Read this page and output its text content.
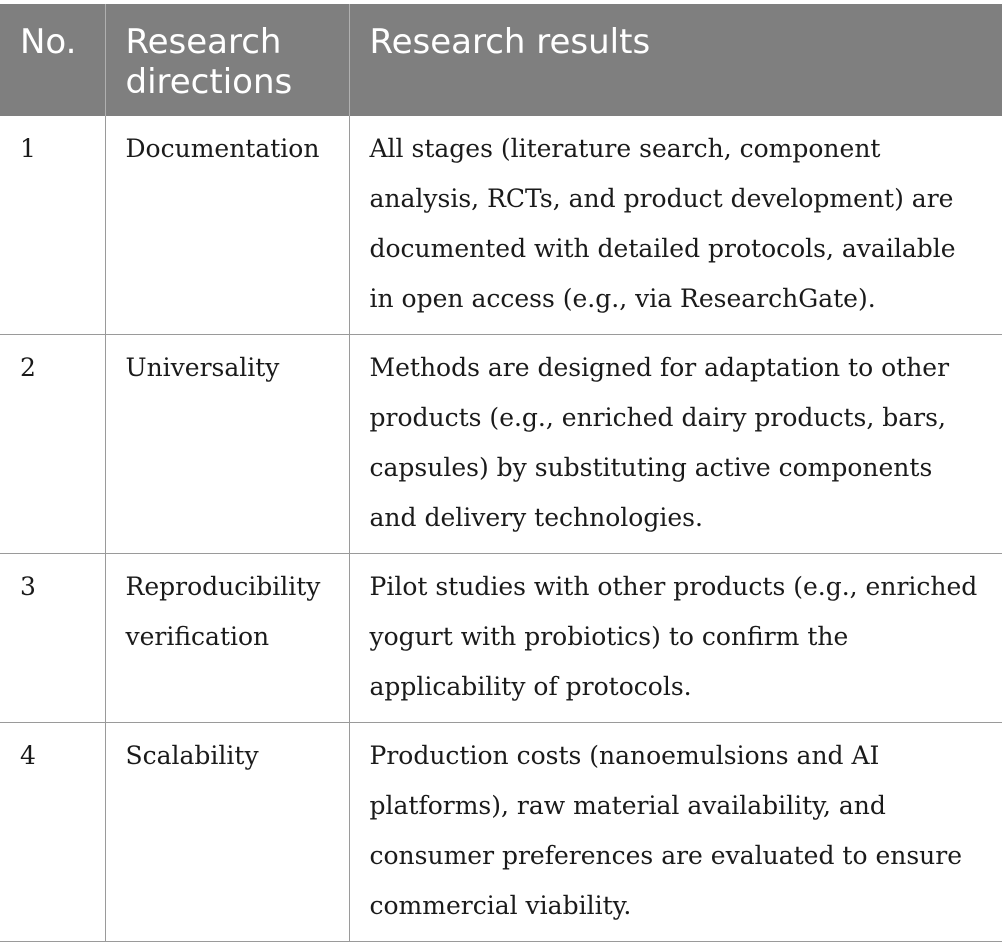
No.	Research directions	Research results
1	Documentation	All stages (literature search, component analysis, RCTs, and product development) are documented with detailed protocols, available in open access (e.g., via ResearchGate).
2	Universality	Methods are designed for adaptation to other products (e.g., enriched dairy products, bars, capsules) by substituting active components and delivery technologies.
3	Reproducibility verification	Pilot studies with other products (e.g., enriched yogurt with probiotics) to confirm the applicability of protocols.
4	Scalability	Production costs (nanoemulsions and AI platforms), raw material availability, and consumer preferences are evaluated to ensure commercial viability.
